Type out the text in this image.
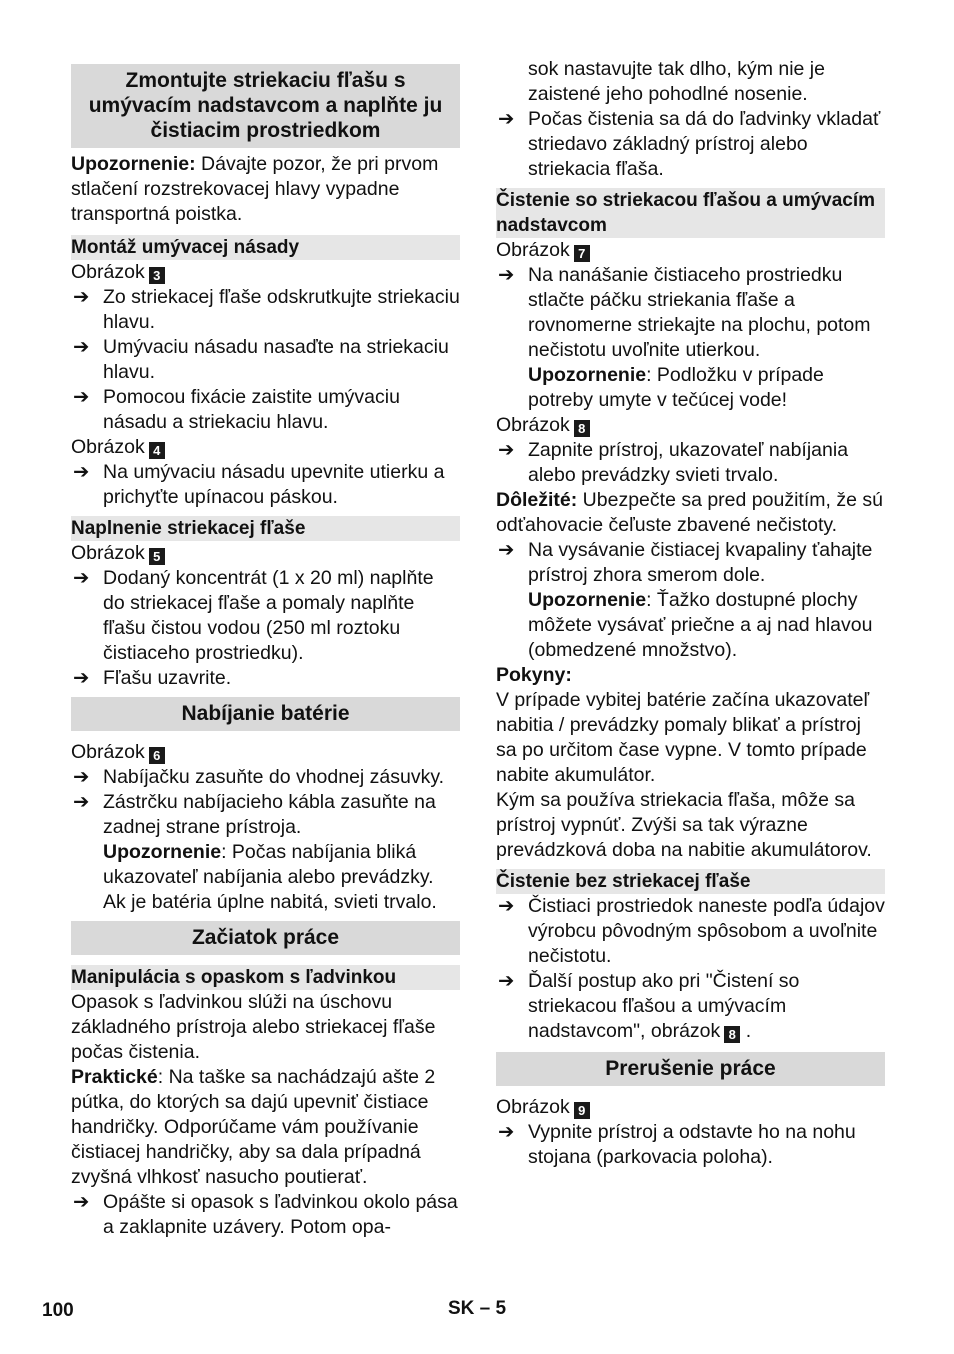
Zmontujte striekaciu fľašu s umývacím nadstavcom a naplňte ju čistiacim prostriedkom

Upozornenie: Dávajte pozor, že pri prvom stlačení rozstrekovacej hlavy vypadne transportná poistka.

Montáž umývacej násady

Obrázok 3

➔ Zo striekacej fľaše odskrutkujte striekaciu hlavu.
➔ Umývaciu násadu nasaďte na striekaciu hlavu.
➔ Pomocou fixácie zaistite umývaciu násadu a striekaciu hlavu.

Obrázok 4

➔ Na umývaciu násadu upevnite utierku a prichyťte upínacou páskou.
Naplnenie striekacej fľaše

Obrázok 5

➔ Dodaný koncentrát (1 x 20 ml) naplňte do striekacej fľaše a pomaly naplňte fľašu čistou vodou (250 ml roztoku čistiaceho prostriedku).
➔ Fľašu uzavrite.
Nabíjanie batérie

Obrázok 6

➔ Nabíjačku zasuňte do vhodnej zásuvky.
➔ Zástrčku nabíjacieho kábla zasuňte na zadnej strane prístroja.
Upozornenie: Počas nabíjania bliká ukazovateľ nabíjania alebo prevádzky. Ak je batéria úplne nabitá, svieti trvalo.
Začiatok práce
Manipulácia s opaskom s ľadvinkou

Opasok s ľadvinkou slúži na úschovu základného prístroja alebo striekacej fľaše počas čistenia.

Praktické: Na taške sa nachádzajú ašte 2 pútka, do ktorých sa dajú upevniť čistiace handričky. Odporúčame vám používanie čistiacej handričky, aby sa dala prípadná zvyšná vlhkosť nasucho poutierať.

➔ Opášte si opasok s ľadvinkou okolo pása a zaklapnite uzávery. Potom opa-
sok nastavujte tak dlho, kým nie je zaistené jeho pohodlné nosenie.
➔ Počas čistenia sa dá do ľadvinky vkladať striedavo základný prístroj alebo striekacia fľaša.
Čistenie so striekacou fľašou a umývacím nadstavcom

Obrázok 7

➔ Na nanášanie čistiaceho prostriedku stlačte páčku striekania fľaše a rovnomerne striekajte na plochu, potom nečistotu uvoľnite utierkou.
Upozornenie: Podložku v prípade potreby umyte v tečúcej vode!

Obrázok 8

➔ Zapnite prístroj, ukazovateľ nabíjania alebo prevádzky svieti trvalo.

Dôležité: Ubezpečte sa pred použitím, že sú odťahovacie čeľuste zbavené nečistoty.

➔ Na vysávanie čistiacej kvapaliny ťahajte prístroj zhora smerom dole.
Upozornenie: Ťažko dostupné plochy môžete vysávať priečne a aj nad hlavou (obmedzené množstvo).

Pokyny:

V prípade vybitej batérie začína ukazovateľ nabitia / prevádzky pomaly blikať a prístroj sa po určitom čase vypne. V tomto prípade nabite akumulátor.

Kým sa používa striekacia fľaša, môže sa prístroj vypnúť. Zvýši sa tak výrazne prevádzková doba na nabitie akumulátorov.

Čistenie bez striekacej fľaše
➔ Čistiaci prostriedok naneste podľa údajov výrobcu pôvodným spôsobom a uvoľnite nečistotu.
➔ Ďalší postup ako pri "Čistení so striekacou fľašou a umývacím nadstavcom", obrázok 8 .
Prerušenie práce

Obrázok 9

➔ Vypnite prístroj a odstavte ho na nohu stojana (parkovacia poloha).
100	SK – 5
